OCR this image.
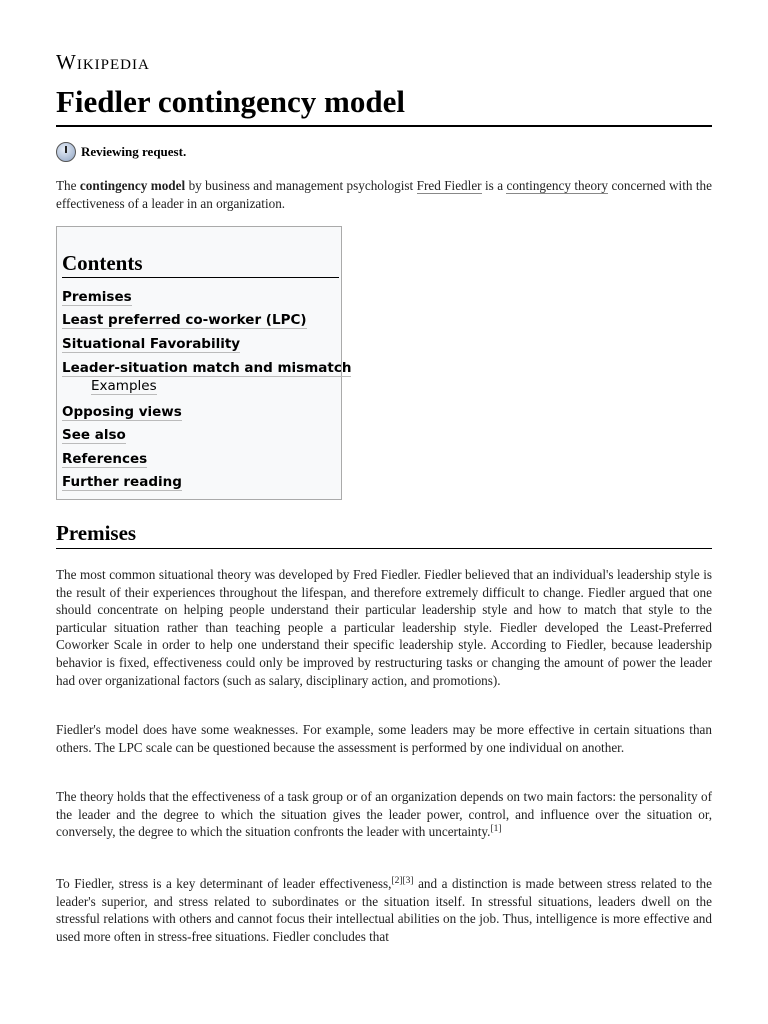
Wikipedia
Fiedler contingency model
Reviewing request.

The contingency model by business and management psychologist Fred Fiedler is a contingency theory concerned with the effectiveness of a leader in an organization.

Contents
Premises
Least preferred co-worker (LPC)
Situational Favorability
Leader-situation match and mismatch
Examples
Opposing views
See also
References
Further reading
Premises

The most common situational theory was developed by Fred Fiedler. Fiedler believed that an individual's leadership style is the result of their experiences throughout the lifespan, and therefore extremely difficult to change. Fiedler argued that one should concentrate on helping people understand their particular leadership style and how to match that style to the particular situation rather than teaching people a particular leadership style. Fiedler developed the Least-Preferred Coworker Scale in order to help one understand their specific leadership style. According to Fiedler, because leadership behavior is fixed, effectiveness could only be improved by restructuring tasks or changing the amount of power the leader had over organizational factors (such as salary, disciplinary action, and promotions).

Fiedler's model does have some weaknesses. For example, some leaders may be more effective in certain situations than others. The LPC scale can be questioned because the assessment is performed by one individual on another.

The theory holds that the effectiveness of a task group or of an organization depends on two main factors: the personality of the leader and the degree to which the situation gives the leader power, control, and influence over the situation or, conversely, the degree to which the situation confronts the leader with uncertainty.[1]

To Fiedler, stress is a key determinant of leader effectiveness,[2][3] and a distinction is made between stress related to the leader's superior, and stress related to subordinates or the situation itself. In stressful situations, leaders dwell on the stressful relations with others and cannot focus their intellectual abilities on the job. Thus, intelligence is more effective and used more often in stress-free situations. Fiedler concludes that
